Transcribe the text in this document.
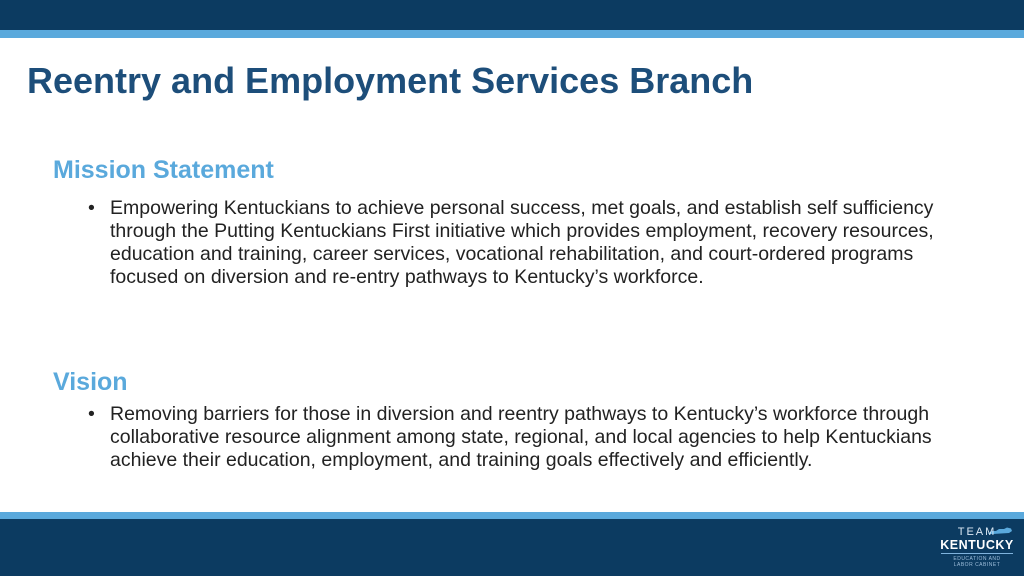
Reentry and Employment Services Branch
Mission Statement
• Empowering Kentuckians to achieve personal success, met goals, and establish self sufficiency through the Putting Kentuckians First initiative which provides employment, recovery resources, education and training, career services, vocational rehabilitation, and court-ordered programs focused on diversion and re-entry pathways to Kentucky’s workforce.
Vision
• Removing barriers for those in diversion and reentry pathways to Kentucky’s workforce through collaborative resource alignment among state, regional, and local agencies to help Kentuckians achieve their education, employment, and training goals effectively and efficiently.
TEAM
KENTUCKY
EDUCATION AND
LABOR CABINET
